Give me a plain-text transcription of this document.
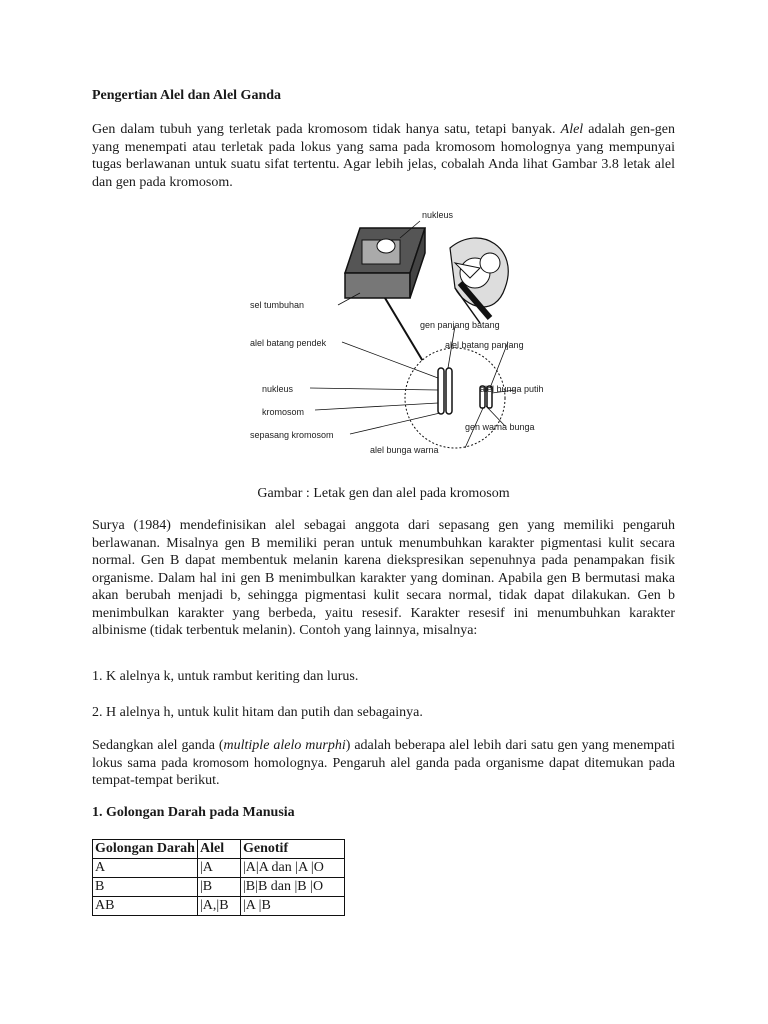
Pengertian Alel dan Alel Ganda
Gen dalam tubuh yang terletak pada kromosom tidak hanya satu, tetapi banyak. Alel adalah gen-gen yang menempati atau terletak pada lokus yang sama pada kromosom homolognya yang mempunyai tugas berlawanan untuk suatu sifat tertentu. Agar lebih jelas, cobalah Anda lihat Gambar 3.8 letak alel dan gen pada kromosom.
nukleus
sel tumbuhan
gen panjang batang
alel batang pendek	alel batang panjang
nukleus	alel bunga putih
kromosom
sepasang kromosom
gen warna bunga
alel bunga warna
Gambar : Letak gen dan alel pada kromosom
Surya (1984) mendefinisikan alel sebagai anggota dari sepasang gen yang memiliki pengaruh berlawanan. Misalnya gen B memiliki peran untuk menumbuhkan karakter pigmentasi kulit secara normal. Gen B dapat membentuk melanin karena diekspresikan sepenuhnya pada penampakan fisik organisme. Dalam hal ini gen B menimbulkan karakter yang dominan. Apabila gen B bermutasi maka akan berubah menjadi b, sehingga pigmentasi kulit secara normal, tidak dapat dilakukan. Gen b menimbulkan karakter yang berbeda, yaitu resesif. Karakter resesif ini menumbuhkan karakter albinisme (tidak terbentuk melanin). Contoh yang lainnya, misalnya:
1. K alelnya k, untuk rambut keriting dan lurus.
2. H alelnya h, untuk kulit hitam dan putih dan sebagainya.
Sedangkan alel ganda (multiple alelo murphi) adalah beberapa alel lebih dari satu gen yang menempati lokus sama pada kromosom homolognya. Pengaruh alel ganda pada organisme dapat ditemukan pada tempat-tempat berikut.
1. Golongan Darah pada Manusia
Golongan Darah	Alel	Genotif
A	|A	|A|A dan |A |O
B	|B	|B|B dan |B |O
AB	|A,|B	|A |B
